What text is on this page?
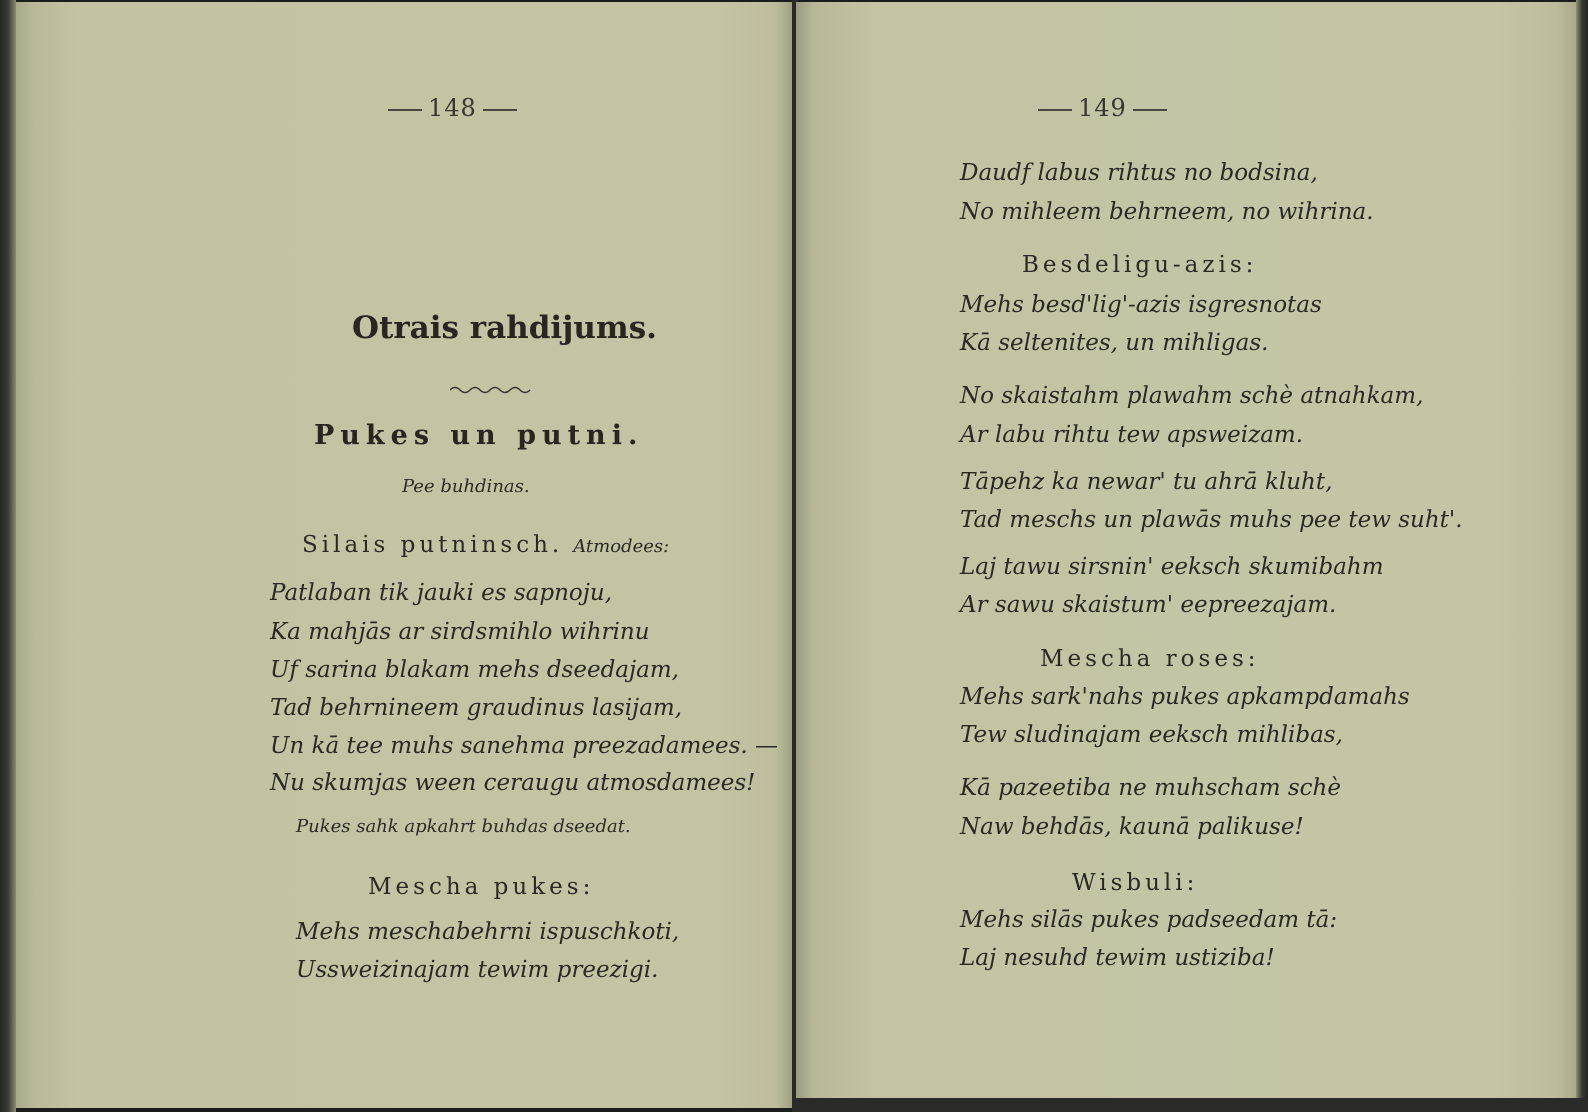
148
Otrais rahdijums.
Pukes un putni.
Pee buhdinas.
Silais putninsch. Atmodees:
Patlaban tik jauki es sapnoju,
Ka mahjās ar sirdsmihlo wihrinu
Uf sarina blakam mehs dseedajam,
Tad behrnineem graudinus lasijam,
Un kā tee muhs sanehma preezadamees. —
Nu skumjas ween ceraugu atmosdamees!
Pukes sahk apkahrt buhdas dseedat.
Mescha pukes:
Mehs meschabehrni ispuschkoti,
Ussweizinajam tewim preezigi.
149
Daudf labus rihtus no bodsina,
No mihleem behrneem, no wihrina.
Besdeligu-azis:
Mehs besd'lig'-azis isgresnotas
Kā seltenites, un mihligas.
No skaistahm plawahm schè atnahkam,
Ar labu rihtu tew apsweizam.
Tāpehz ka newar' tu ahrā kluht,
Tad meschs un plawās muhs pee tew suht'.
Laj tawu sirsnin' eeksch skumibahm
Ar sawu skaistum' eepreezajam.
Mescha roses:
Mehs sark'nahs pukes apkampdamahs
Tew sludinajam eeksch mihlibas,
Kā pazeetiba ne muhscham schè
Naw behdās, kaunā palikuse!
Wisbuli:
Mehs silās pukes padseedam tā:
Laj nesuhd tewim ustiziba!
